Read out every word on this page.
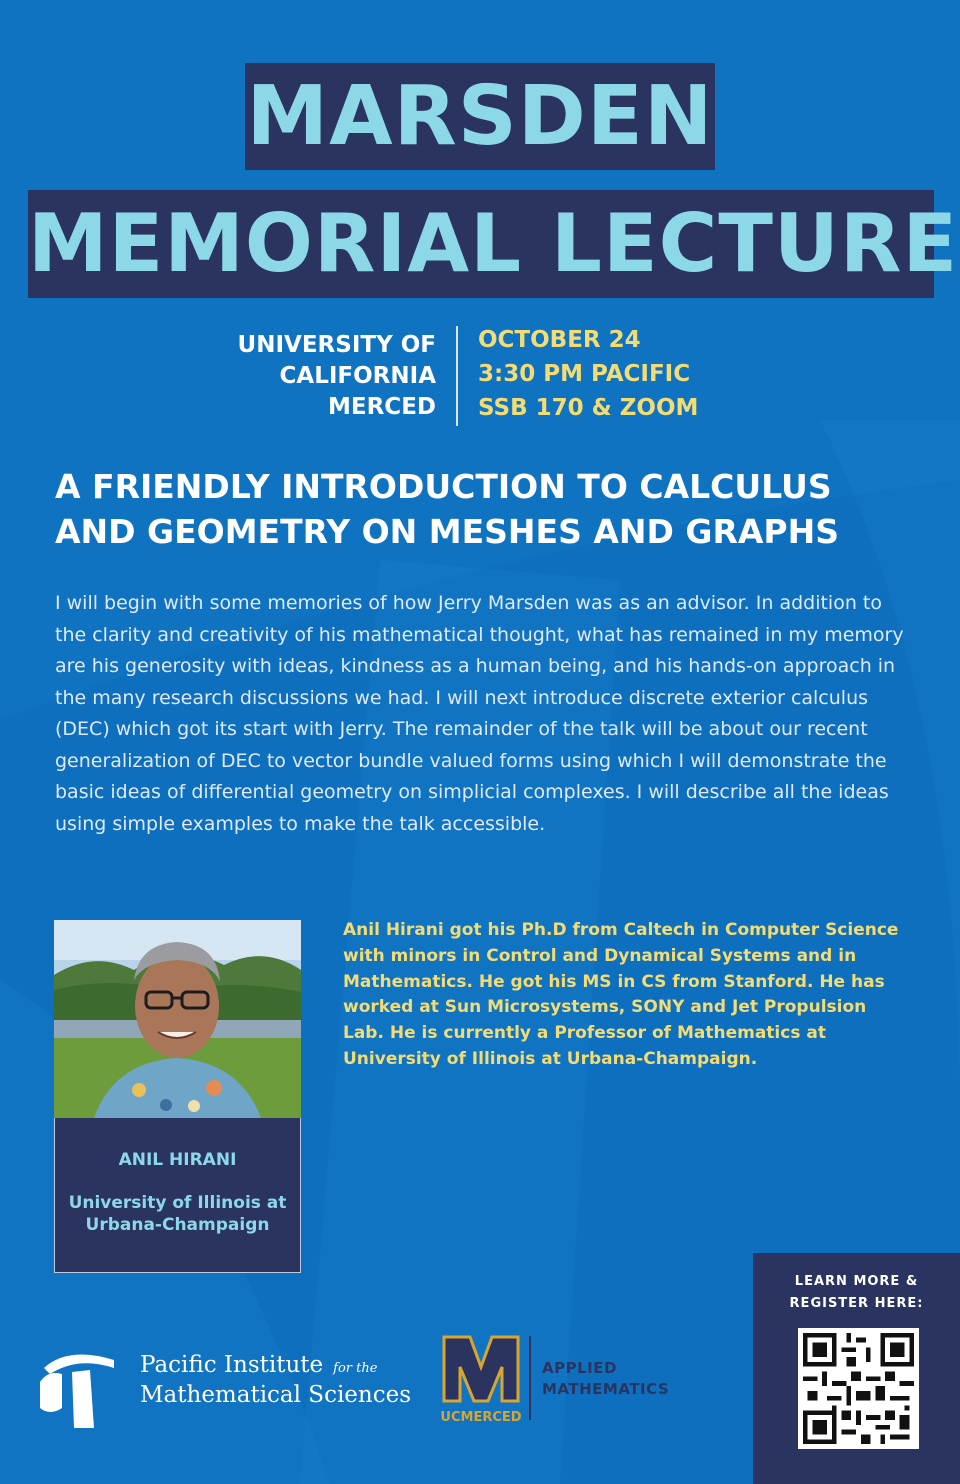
MARSDEN
MEMORIAL LECTURE
UNIVERSITY OF
CALIFORNIA
MERCED
OCTOBER 24
3:30 PM PACIFIC
SSB 170 & ZOOM
A FRIENDLY INTRODUCTION TO CALCULUS AND GEOMETRY ON MESHES AND GRAPHS
I will begin with some memories of how Jerry Marsden was as an advisor. In addition to the clarity and creativity of his mathematical thought, what has remained in my memory are his generosity with ideas, kindness as a human being, and his hands-on approach in the many research discussions we had. I will next introduce discrete exterior calculus (DEC) which got its start with Jerry. The remainder of the talk will be about our recent generalization of DEC to vector bundle valued forms using which I will demonstrate the basic ideas of differential geometry on simplicial complexes. I will describe all the ideas using simple examples to make the talk accessible.
ANIL HIRANI
University of Illinois at Urbana-Champaign
Anil Hirani got his Ph.D from Caltech in Computer Science with minors in Control and Dynamical Systems and in Mathematics. He got his MS in CS from Stanford. He has worked at Sun Microsystems, SONY and Jet Propulsion Lab. He is currently a Professor of Mathematics at University of Illinois at Urbana-Champaign.
Pacific Institute for the
Mathematical Sciences
UCMERCED
APPLIED
MATHEMATICS
LEARN MORE &
REGISTER HERE:
